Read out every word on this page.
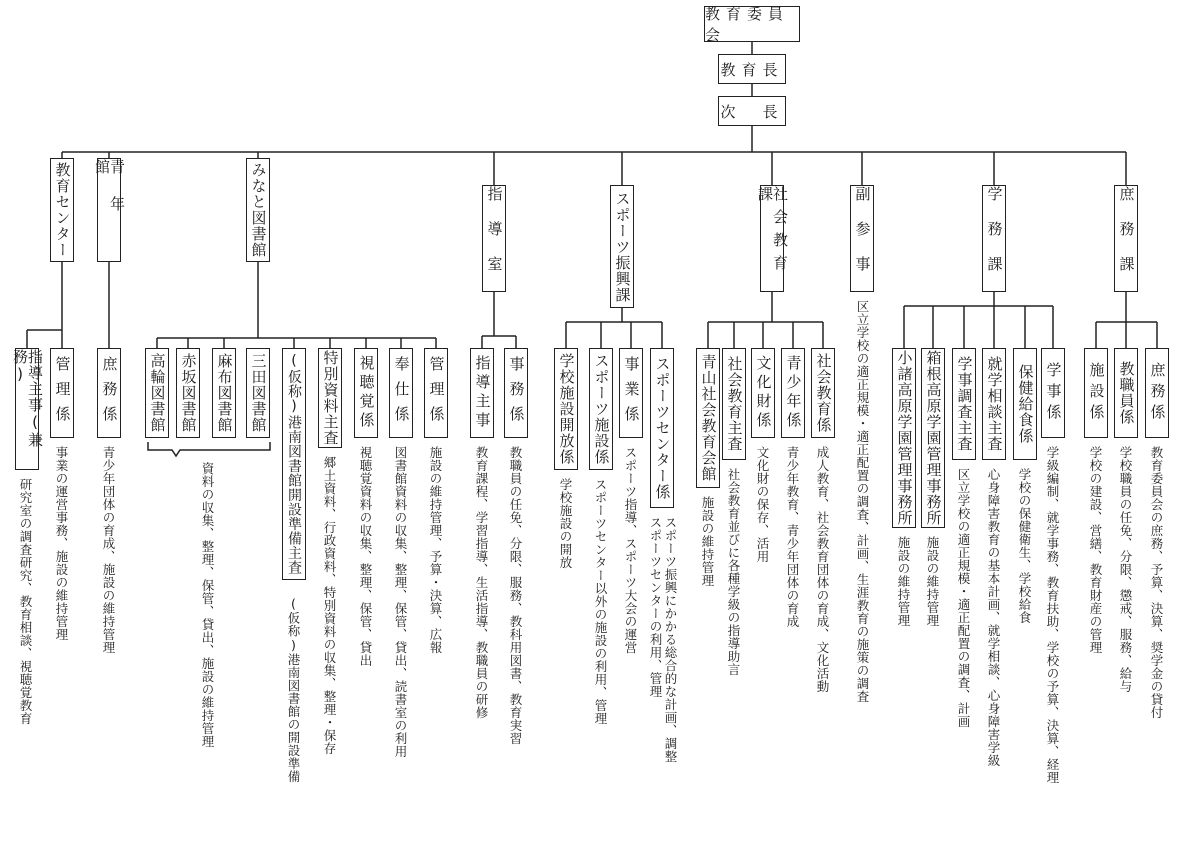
教育委員会
教育長
次　長
教育センター	青年館	みなと図書館	指導室	スポーツ振興課	社会教育課	副参事	学務課	庶務課
指導主事(兼務)
研究室の調査研究、教育相談、視聴覚教育
管理係
事業の運営事務、施設の維持管理
庶務係
青少年団体の育成、施設の維持管理
高輪図書館 赤坂図書館 麻布図書館 三田図書館
資料の収集、整理、保管、貸出、施設の維持管理	(仮称)港南図書館開設準備主査
(仮称)港南図書館の開設準備
特別資料主査
郷土資料、行政資料、特別資料の収集、整理・保存
視聴覚係
視聴覚資料の収集、整理、保管、貸出
奉仕係
図書館資料の収集、整理、保管、貸出、読書室の利用
管理係
施設の維持管理、予算・決算、広報
指導主事
教育課程、学習指導、生活指導、教職員の研修
事務係
教職員の任免、分限、服務、教科用図書、教育実習
学校施設開放係
学校施設の開放
スポーツ施設係
スポーツセンター以外の施設の利用、管理
事業係
スポーツ指導、スポーツ大会の運営
スポーツセンター係
スポーツ振興にかかる総合的な計画、調整
スポーツセンターの利用、管理
青山社会教育会館
施設の維持管理
社会教育主査
社会教育並びに各種学級の指導助言
文化財係
文化財の保存、活用
青少年係
青少年教育、青少年団体の育成
社会教育係
成人教育、社会教育団体の育成、文化活動 区立学校の適正規模・適正配置の調査、計画、生涯教育の施策の調査 小諸高原学園管理事務所
施設の維持管理
箱根高原学園管理事務所
施設の維持管理
学事調査主査
区立学校の適正規模・適正配置の調査、計画
就学相談主査
心身障害教育の基本計画、就学相談、心身障害学級
保健給食係
学校の保健衛生、学校給食
学事係
学級編制、就学事務、教育扶助、学校の予算、決算、経理
施設係
学校の建設、営繕、教育財産の管理
教職員係
学校職員の任免、分限、懲戒、服務、給与
庶務係
教育委員会の庶務、予算、決算、奨学金の貸付
